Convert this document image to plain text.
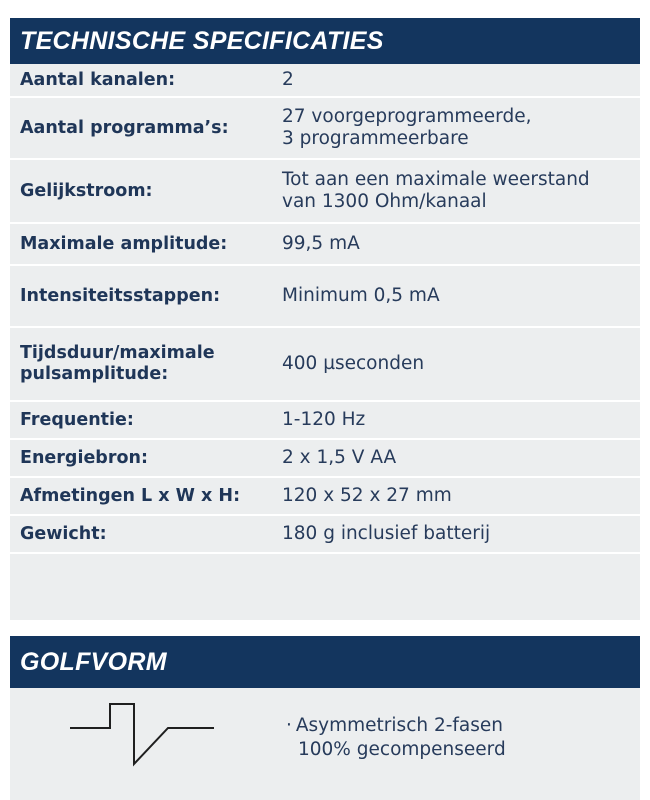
TECHNISCHE SPECIFICATIES
Aantal kanalen:	2
Aantal programma’s:
27 voorgeprogrammeerde,
3 programmeerbare
Gelijkstroom:
Tot aan een maximale weerstand
van 1300 Ohm/kanaal
Maximale amplitude:	99,5 mA
Intensiteitsstappen:	Minimum 0,5 mA
Tijdsduur/maximale
pulsamplitude:	400 µseconden
Frequentie:	1-120 Hz
Energiebron:	2 x 1,5 V AA
Afmetingen L x W x H:	120 x 52 x 27 mm
Gewicht:	180 g inclusief batterij
GOLFVORM
· Asymmetrisch 2-fasen
100% gecompenseerd
